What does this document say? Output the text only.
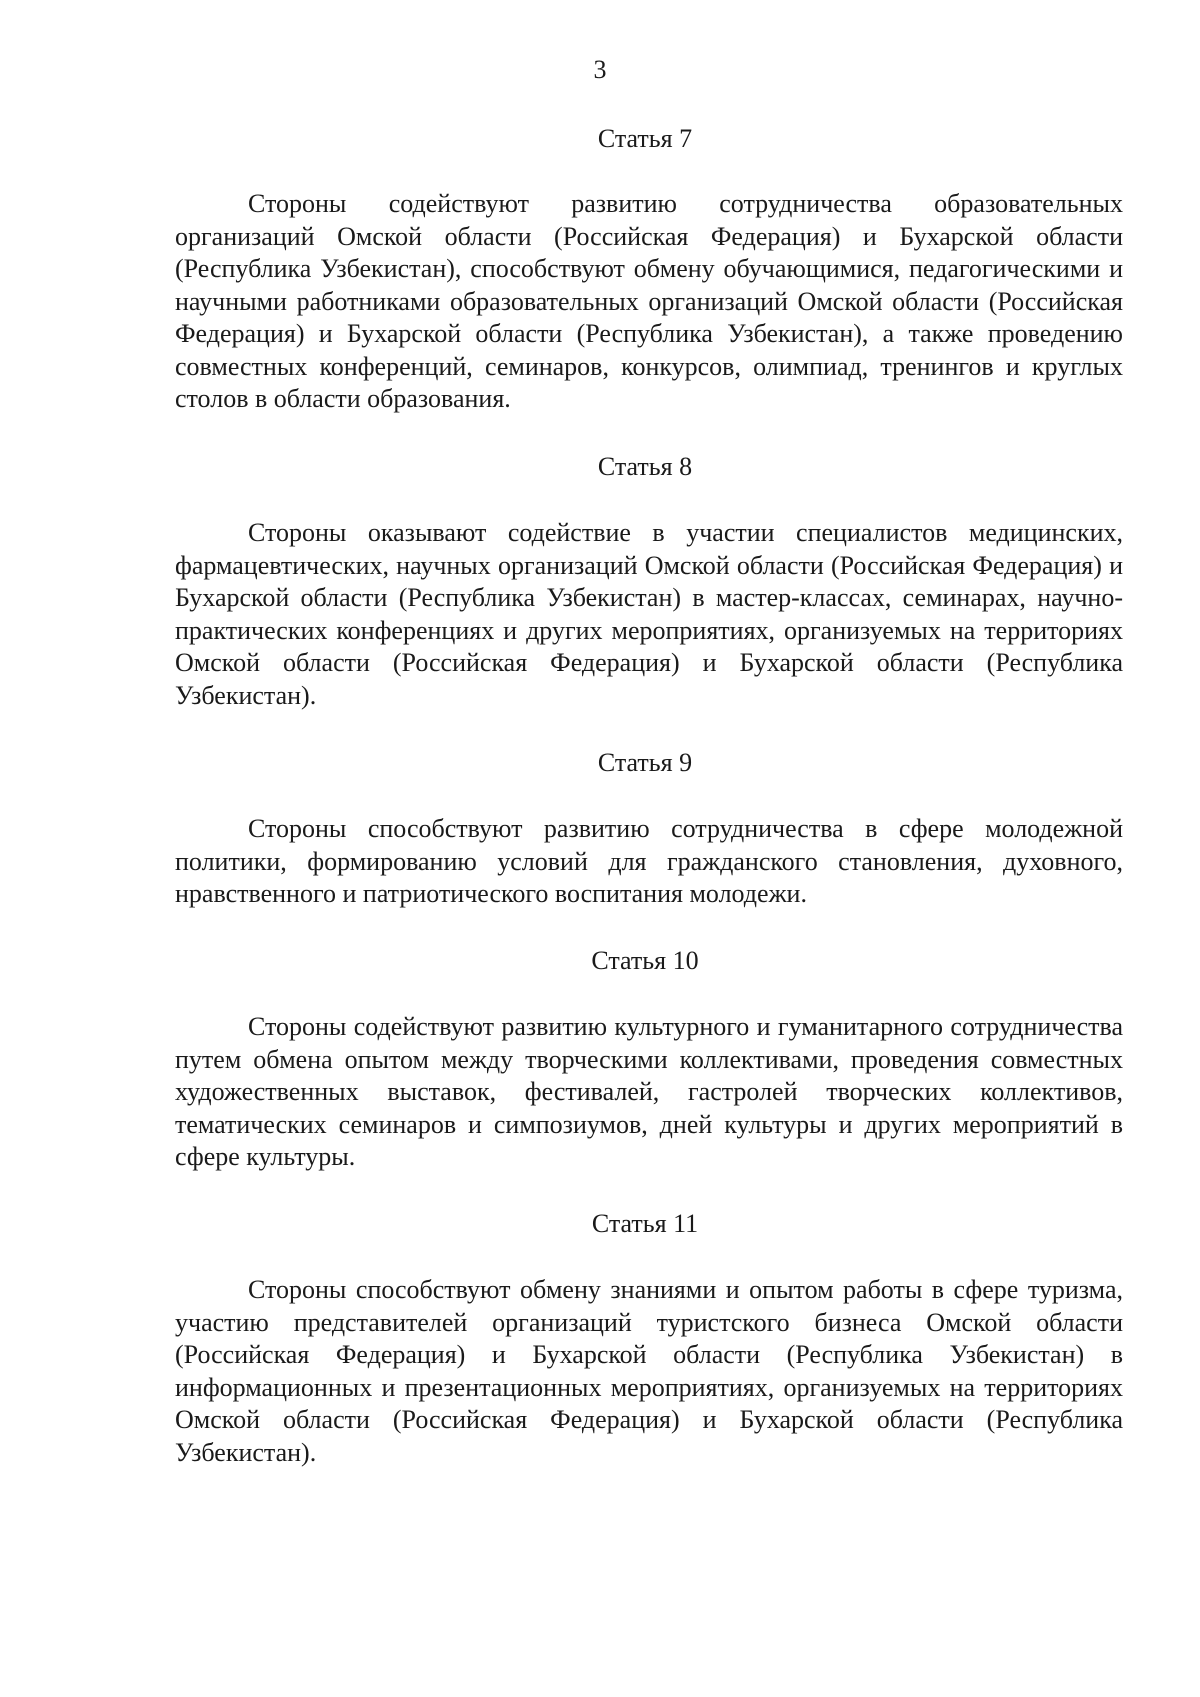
3
Статья 7

Стороны содействуют развитию сотрудничества образовательных организаций Омской области (Российская Федерация) и Бухарской области (Республика Узбекистан), способствуют обмену обучающимися, педагогическими и научными работниками образовательных организаций Омской области (Российская Федерация) и Бухарской области (Республика Узбекистан), а также проведению совместных конференций, семинаров, конкурсов, олимпиад, тренингов и круглых столов в области образования.

Статья 8

Стороны оказывают содействие в участии специалистов медицинских, фармацевтических, научных организаций Омской области (Российская Федерация) и Бухарской области (Республика Узбекистан) в мастер-классах, семинарах, научно-практических конференциях и других мероприятиях, организуемых на территориях Омской области (Российская Федерация) и Бухарской области (Республика Узбекистан).

Статья 9

Стороны способствуют развитию сотрудничества в сфере молодежной политики, формированию условий для гражданского становления, духовного, нравственного и патриотического воспитания молодежи.

Статья 10

Стороны содействуют развитию культурного и гуманитарного сотрудничества путем обмена опытом между творческими коллективами, проведения совместных художественных выставок, фестивалей, гастролей творческих коллективов, тематических семинаров и симпозиумов, дней культуры и других мероприятий в сфере культуры.

Статья 11

Стороны способствуют обмену знаниями и опытом работы в сфере туризма, участию представителей организаций туристского бизнеса Омской области (Российская Федерация) и Бухарской области (Республика Узбекистан) в информационных и презентационных мероприятиях, организуемых на территориях Омской области (Российская Федерация) и Бухарской области (Республика Узбекистан).
